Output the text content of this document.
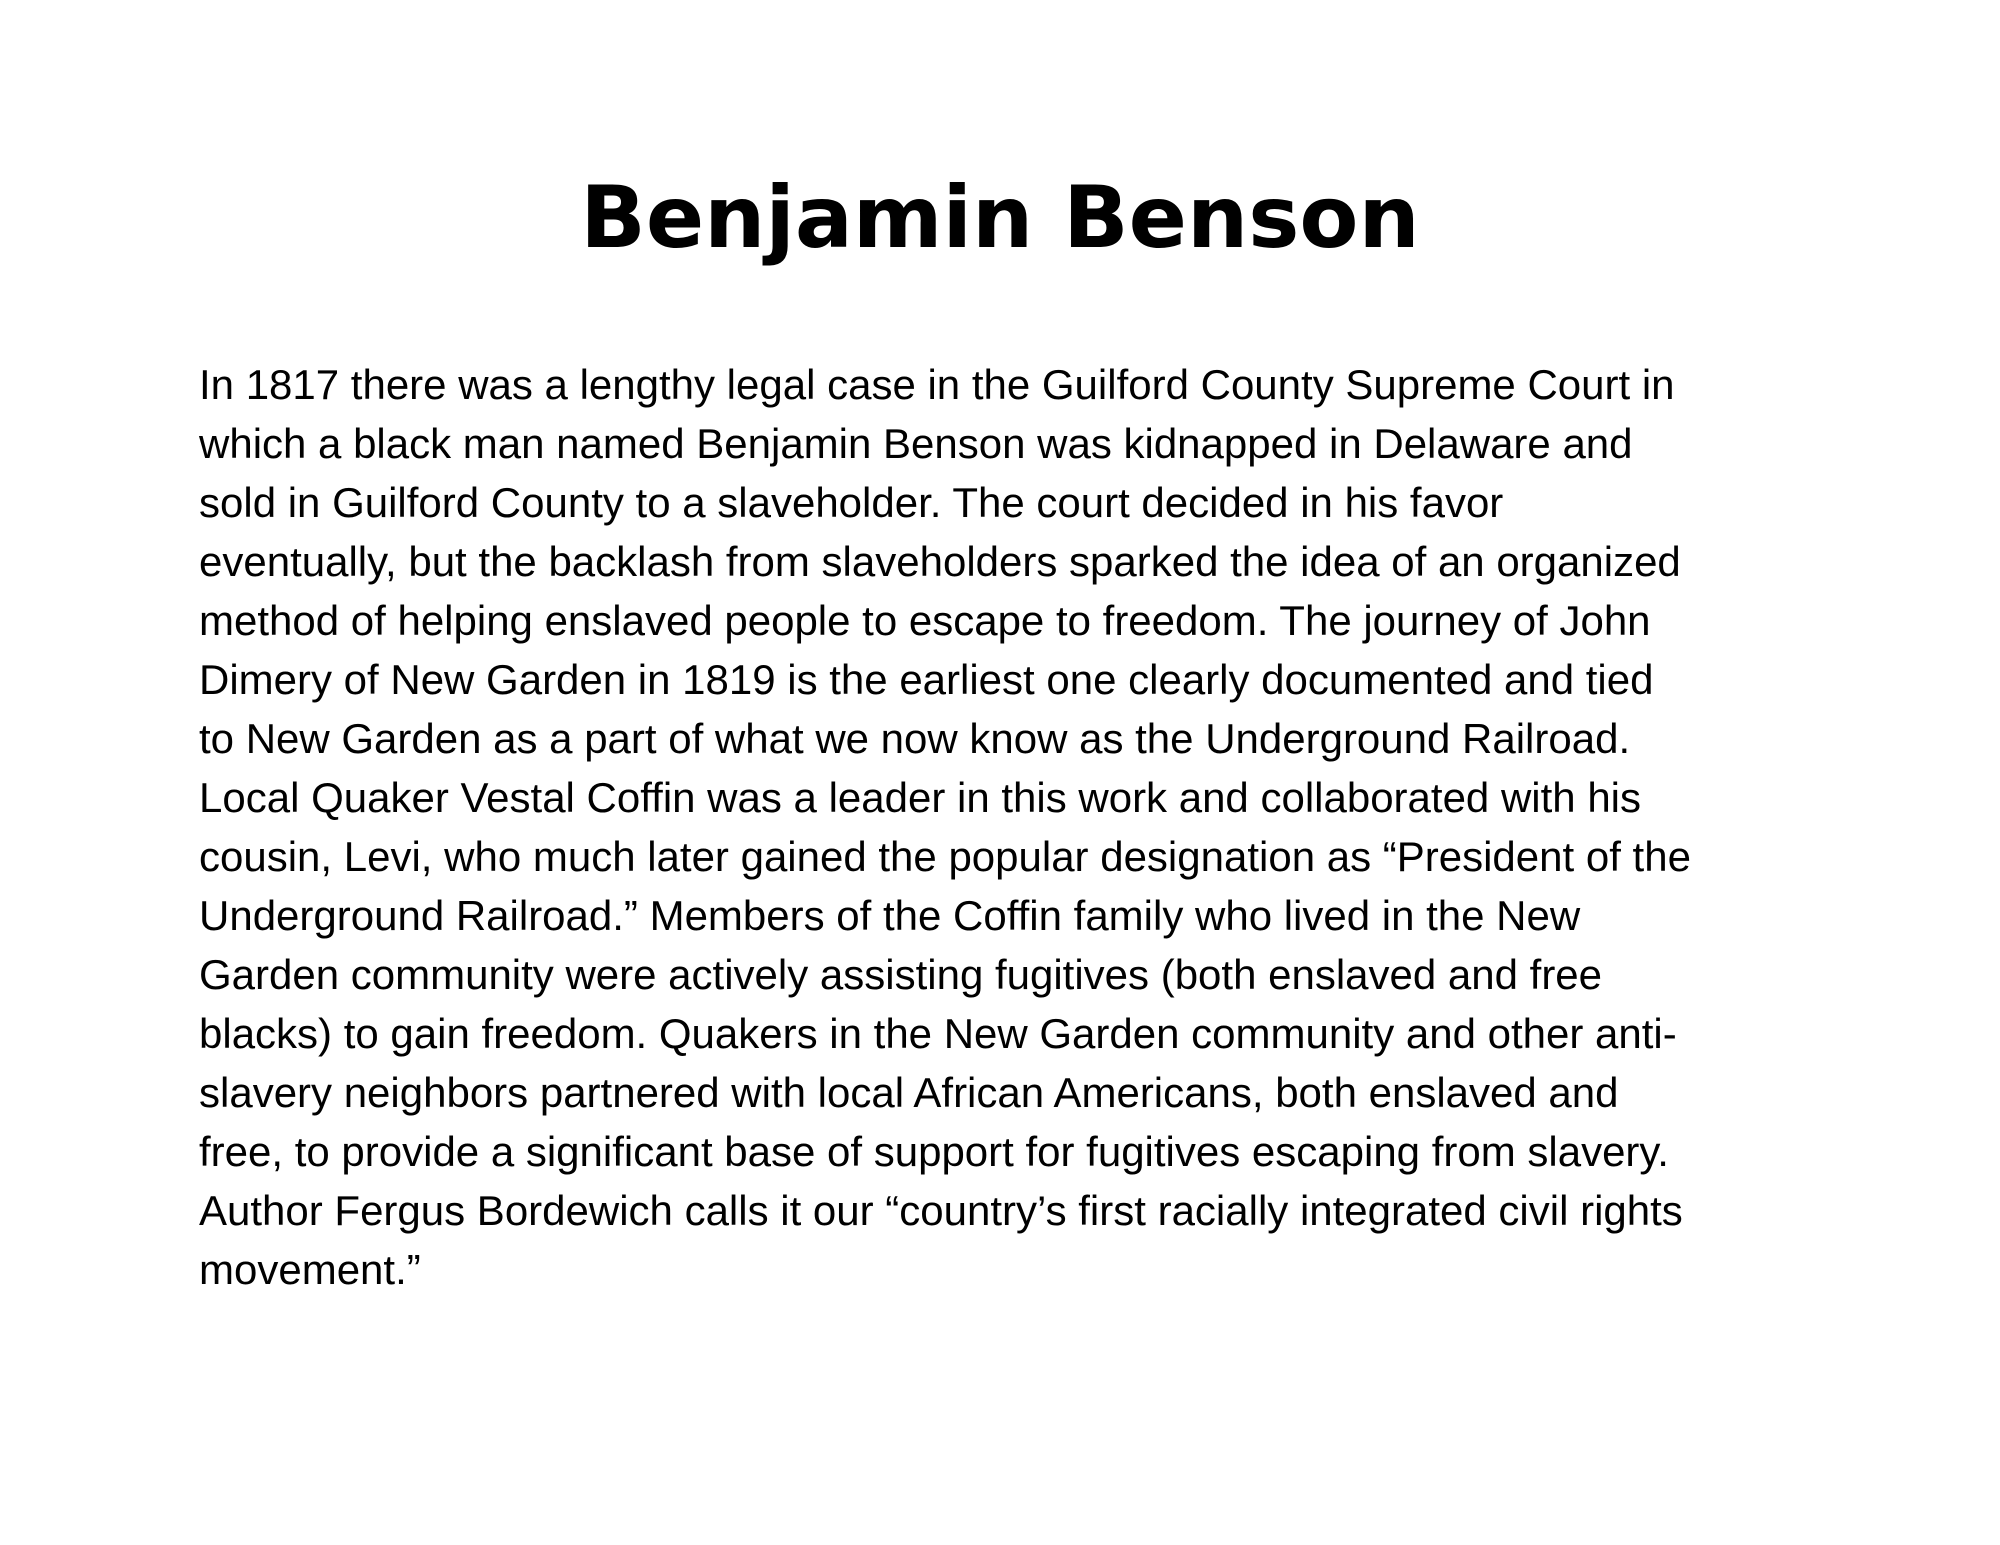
Benjamin Benson

In 1817 there was a lengthy legal case in the Guilford County Supreme Court in
which a black man named Benjamin Benson was kidnapped in Delaware and
sold in Guilford County to a slaveholder. The court decided in his favor
eventually, but the backlash from slaveholders sparked the idea of an organized
method of helping enslaved people to escape to freedom. The journey of John
Dimery of New Garden in 1819 is the earliest one clearly documented and tied
to New Garden as a part of what we now know as the Underground Railroad.
Local Quaker Vestal Coffin was a leader in this work and collaborated with his
cousin, Levi, who much later gained the popular designation as “President of the
Underground Railroad.” Members of the Coffin family who lived in the New
Garden community were actively assisting fugitives (both enslaved and free
blacks) to gain freedom. Quakers in the New Garden community and other anti-
slavery neighbors partnered with local African Americans, both enslaved and
free, to provide a significant base of support for fugitives escaping from slavery.
Author Fergus Bordewich calls it our “country’s first racially integrated civil rights
movement.”
